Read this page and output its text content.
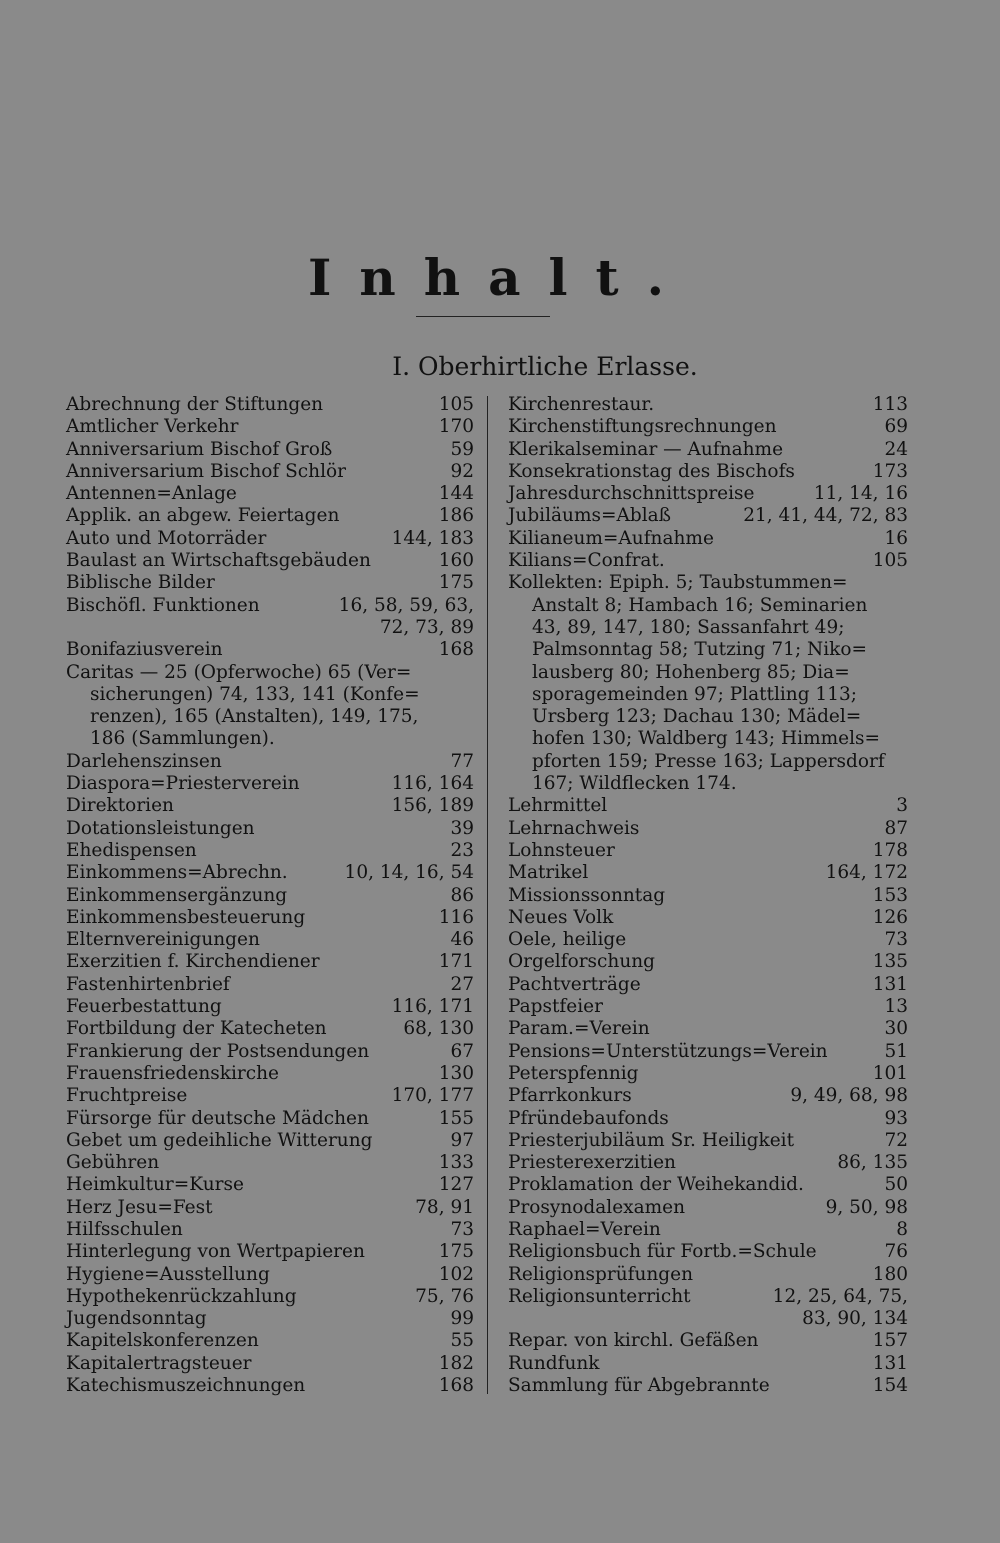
Inhalt.
I. Oberhirtliche Erlasse.
Abrechnung der Stiftungen	105
Amtlicher Verkehr	170
Anniversarium Bischof Groß	59
Anniversarium Bischof Schlör	92
Antennen=Anlage	144
Applik. an abgew. Feiertagen	186
Auto und Motorräder	144, 183
Baulast an Wirtschaftsgebäuden	160
Biblische Bilder	175
Bischöfl. Funktionen	16, 58, 59, 63,
72, 73, 89
Bonifaziusverein	168
Caritas — 25 (Opferwoche) 65 (Ver=
sicherungen) 74, 133, 141 (Konfe=
renzen), 165 (Anstalten), 149, 175,
186 (Sammlungen).
Darlehenszinsen	77
Diaspora=Priesterverein	116, 164
Direktorien	156, 189
Dotationsleistungen	39
Ehedispensen	23
Einkommens=Abrechn.	10, 14, 16, 54
Einkommensergänzung	86
Einkommensbesteuerung	116
Elternvereinigungen	46
Exerzitien f. Kirchendiener	171
Fastenhirtenbrief	27
Feuerbestattung	116, 171
Fortbildung der Katecheten	68, 130
Frankierung der Postsendungen	67
Frauensfriedenskirche	130
Fruchtpreise	170, 177
Fürsorge für deutsche Mädchen	155
Gebet um gedeihliche Witterung	97
Gebühren	133
Heimkultur=Kurse	127
Herz Jesu=Fest	78, 91
Hilfsschulen	73
Hinterlegung von Wertpapieren	175
Hygiene=Ausstellung	102
Hypothekenrückzahlung	75, 76
Jugendsonntag	99
Kapitelskonferenzen	55
Kapitalertragsteuer	182
Katechismuszeichnungen	168
Kirchenrestaur.	113
Kirchenstiftungsrechnungen	69
Klerikalseminar — Aufnahme	24
Konsekrationstag des Bischofs	173
Jahresdurchschnittspreise	11, 14, 16
Jubiläums=Ablaß	21, 41, 44, 72, 83
Kilianeum=Aufnahme	16
Kilians=Confrat.	105
Kollekten: Epiph. 5; Taubstummen=
Anstalt 8; Hambach 16; Seminarien
43, 89, 147, 180; Sassanfahrt 49;
Palmsonntag 58; Tutzing 71; Niko=
lausberg 80; Hohenberg 85; Dia=
sporagemeinden 97; Plattling 113;
Ursberg 123; Dachau 130; Mädel=
hofen 130; Waldberg 143; Himmels=
pforten 159; Presse 163; Lappersdorf
167; Wildflecken 174.
Lehrmittel	3
Lehrnachweis	87
Lohnsteuer	178
Matrikel	164, 172
Missionssonntag	153
Neues Volk	126
Oele, heilige	73
Orgelforschung	135
Pachtverträge	131
Papstfeier	13
Param.=Verein	30
Pensions=Unterstützungs=Verein	51
Peterspfennig	101
Pfarrkonkurs	9, 49, 68, 98
Pfründebaufonds	93
Priesterjubiläum Sr. Heiligkeit	72
Priesterexerzitien	86, 135
Proklamation der Weihekandid.	50
Prosynodalexamen	9, 50, 98
Raphael=Verein	8
Religionsbuch für Fortb.=Schule	76
Religionsprüfungen	180
Religionsunterricht	12, 25, 64, 75,
83, 90, 134
Repar. von kirchl. Gefäßen	157
Rundfunk	131
Sammlung für Abgebrannte	154
